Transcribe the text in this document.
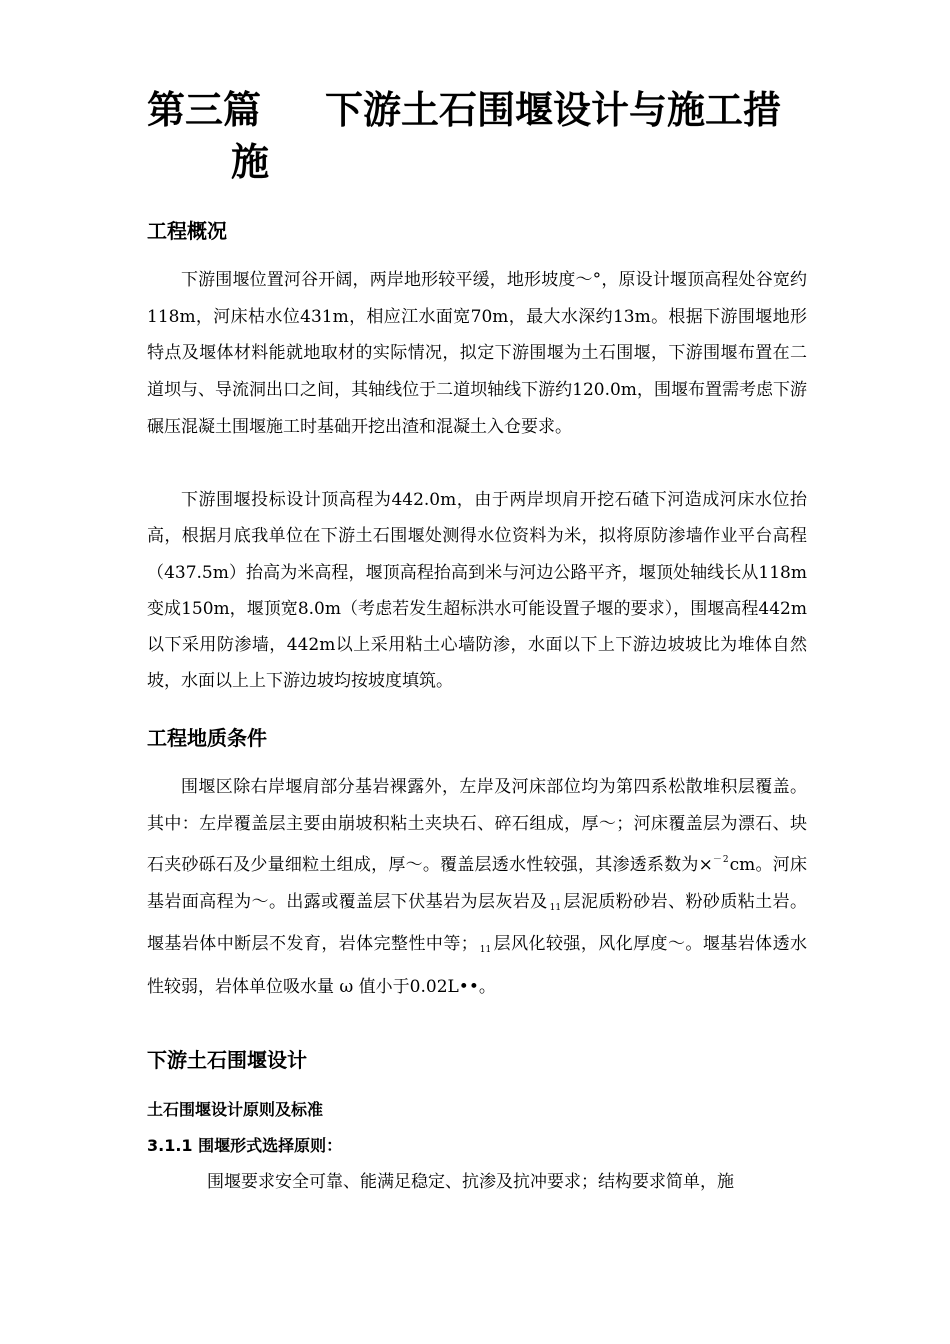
第三篇 下游土石围堰设计与施工措
施
工程概况

下游围堰位置河谷开阔，两岸地形较平缓，地形坡度～°，原设计堰顶高程处谷宽约118m，河床枯水位431m，相应江水面宽70m，最大水深约13m。根据下游围堰地形特点及堰体材料能就地取材的实际情况，拟定下游围堰为土石围堰，下游围堰布置在二道坝与、导流洞出口之间，其轴线位于二道坝轴线下游约120.0m，围堰布置需考虑下游碾压混凝土围堰施工时基础开挖出渣和混凝土入仓要求。

下游围堰投标设计顶高程为442.0m，由于两岸坝肩开挖石碴下河造成河床水位抬高，根据月底我单位在下游土石围堰处测得水位资料为米，拟将原防渗墙作业平台高程（437.5m）抬高为米高程，堰顶高程抬高到米与河边公路平齐，堰顶处轴线长从118m变成150m，堰顶宽8.0m（考虑若发生超标洪水可能设置子堰的要求），围堰高程442m以下采用防渗墙，442m以上采用粘土心墙防渗，水面以下上下游边坡坡比为堆体自然坡，水面以上上下游边坡均按坡度填筑。

工程地质条件

围堰区除右岸堰肩部分基岩裸露外，左岸及河床部位均为第四系松散堆积层覆盖。其中：左岸覆盖层主要由崩坡积粘土夹块石、碎石组成，厚～；河床覆盖层为漂石、块石夹砂砾石及少量细粒土组成，厚～。覆盖层透水性较强，其渗透系数为×$^{-2}$cm。河床基岩面高程为～。出露或覆盖层下伏基岩为层灰岩及 $_{11}$ 层泥质粉砂岩、粉砂质粘土岩。堰基岩体中断层不发育，岩体完整性中等； $_{11}$ 层风化较强，风化厚度～。堰基岩体透水性较弱，岩体单位吸水量 ω 值小于0.02L••。

下游土石围堰设计
土石围堰设计原则及标准
3.1.1 围堰形式选择原则：

围堰要求安全可靠、能满足稳定、抗渗及抗冲要求；结构要求简单，施
